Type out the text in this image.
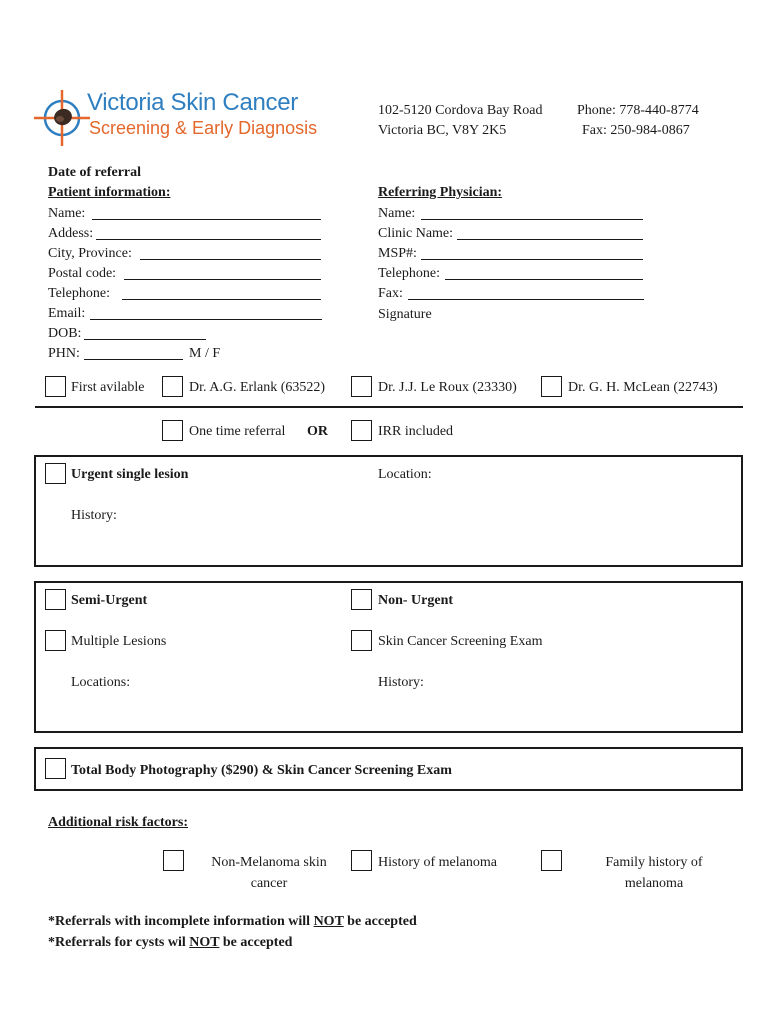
Victoria Skin Cancer
Screening & Early Diagnosis
102-5120 Cordova Bay Road
Victoria BC, V8Y 2K5
Phone: 778-440-8774
Fax: 250-984-0867
Date of referral
Patient information:
Name:
Addess:
City, Province:
Postal code:
Telephone:
Email:
DOB:
PHN:	M / F
Referring Physician:
Name:
Clinic Name:
MSP#:
Telephone:
Fax:
Signature
First avilable	Dr. A.G. Erlank (63522)	Dr. J.J. Le Roux (23330)	Dr. G. H. McLean (22743)
One time referral OR	IRR included
Urgent single lesion	Location:
History:
Semi-Urgent	Non- Urgent
Multiple Lesions	Skin Cancer Screening Exam
Locations:	History:
Total Body Photography ($290) & Skin Cancer Screening Exam
Additional risk factors:
Non-Melanoma skin
cancer
History of melanoma	Family history of
melanoma
*Referrals with incomplete information will NOT be accepted
*Referrals for cysts wil NOT be accepted
